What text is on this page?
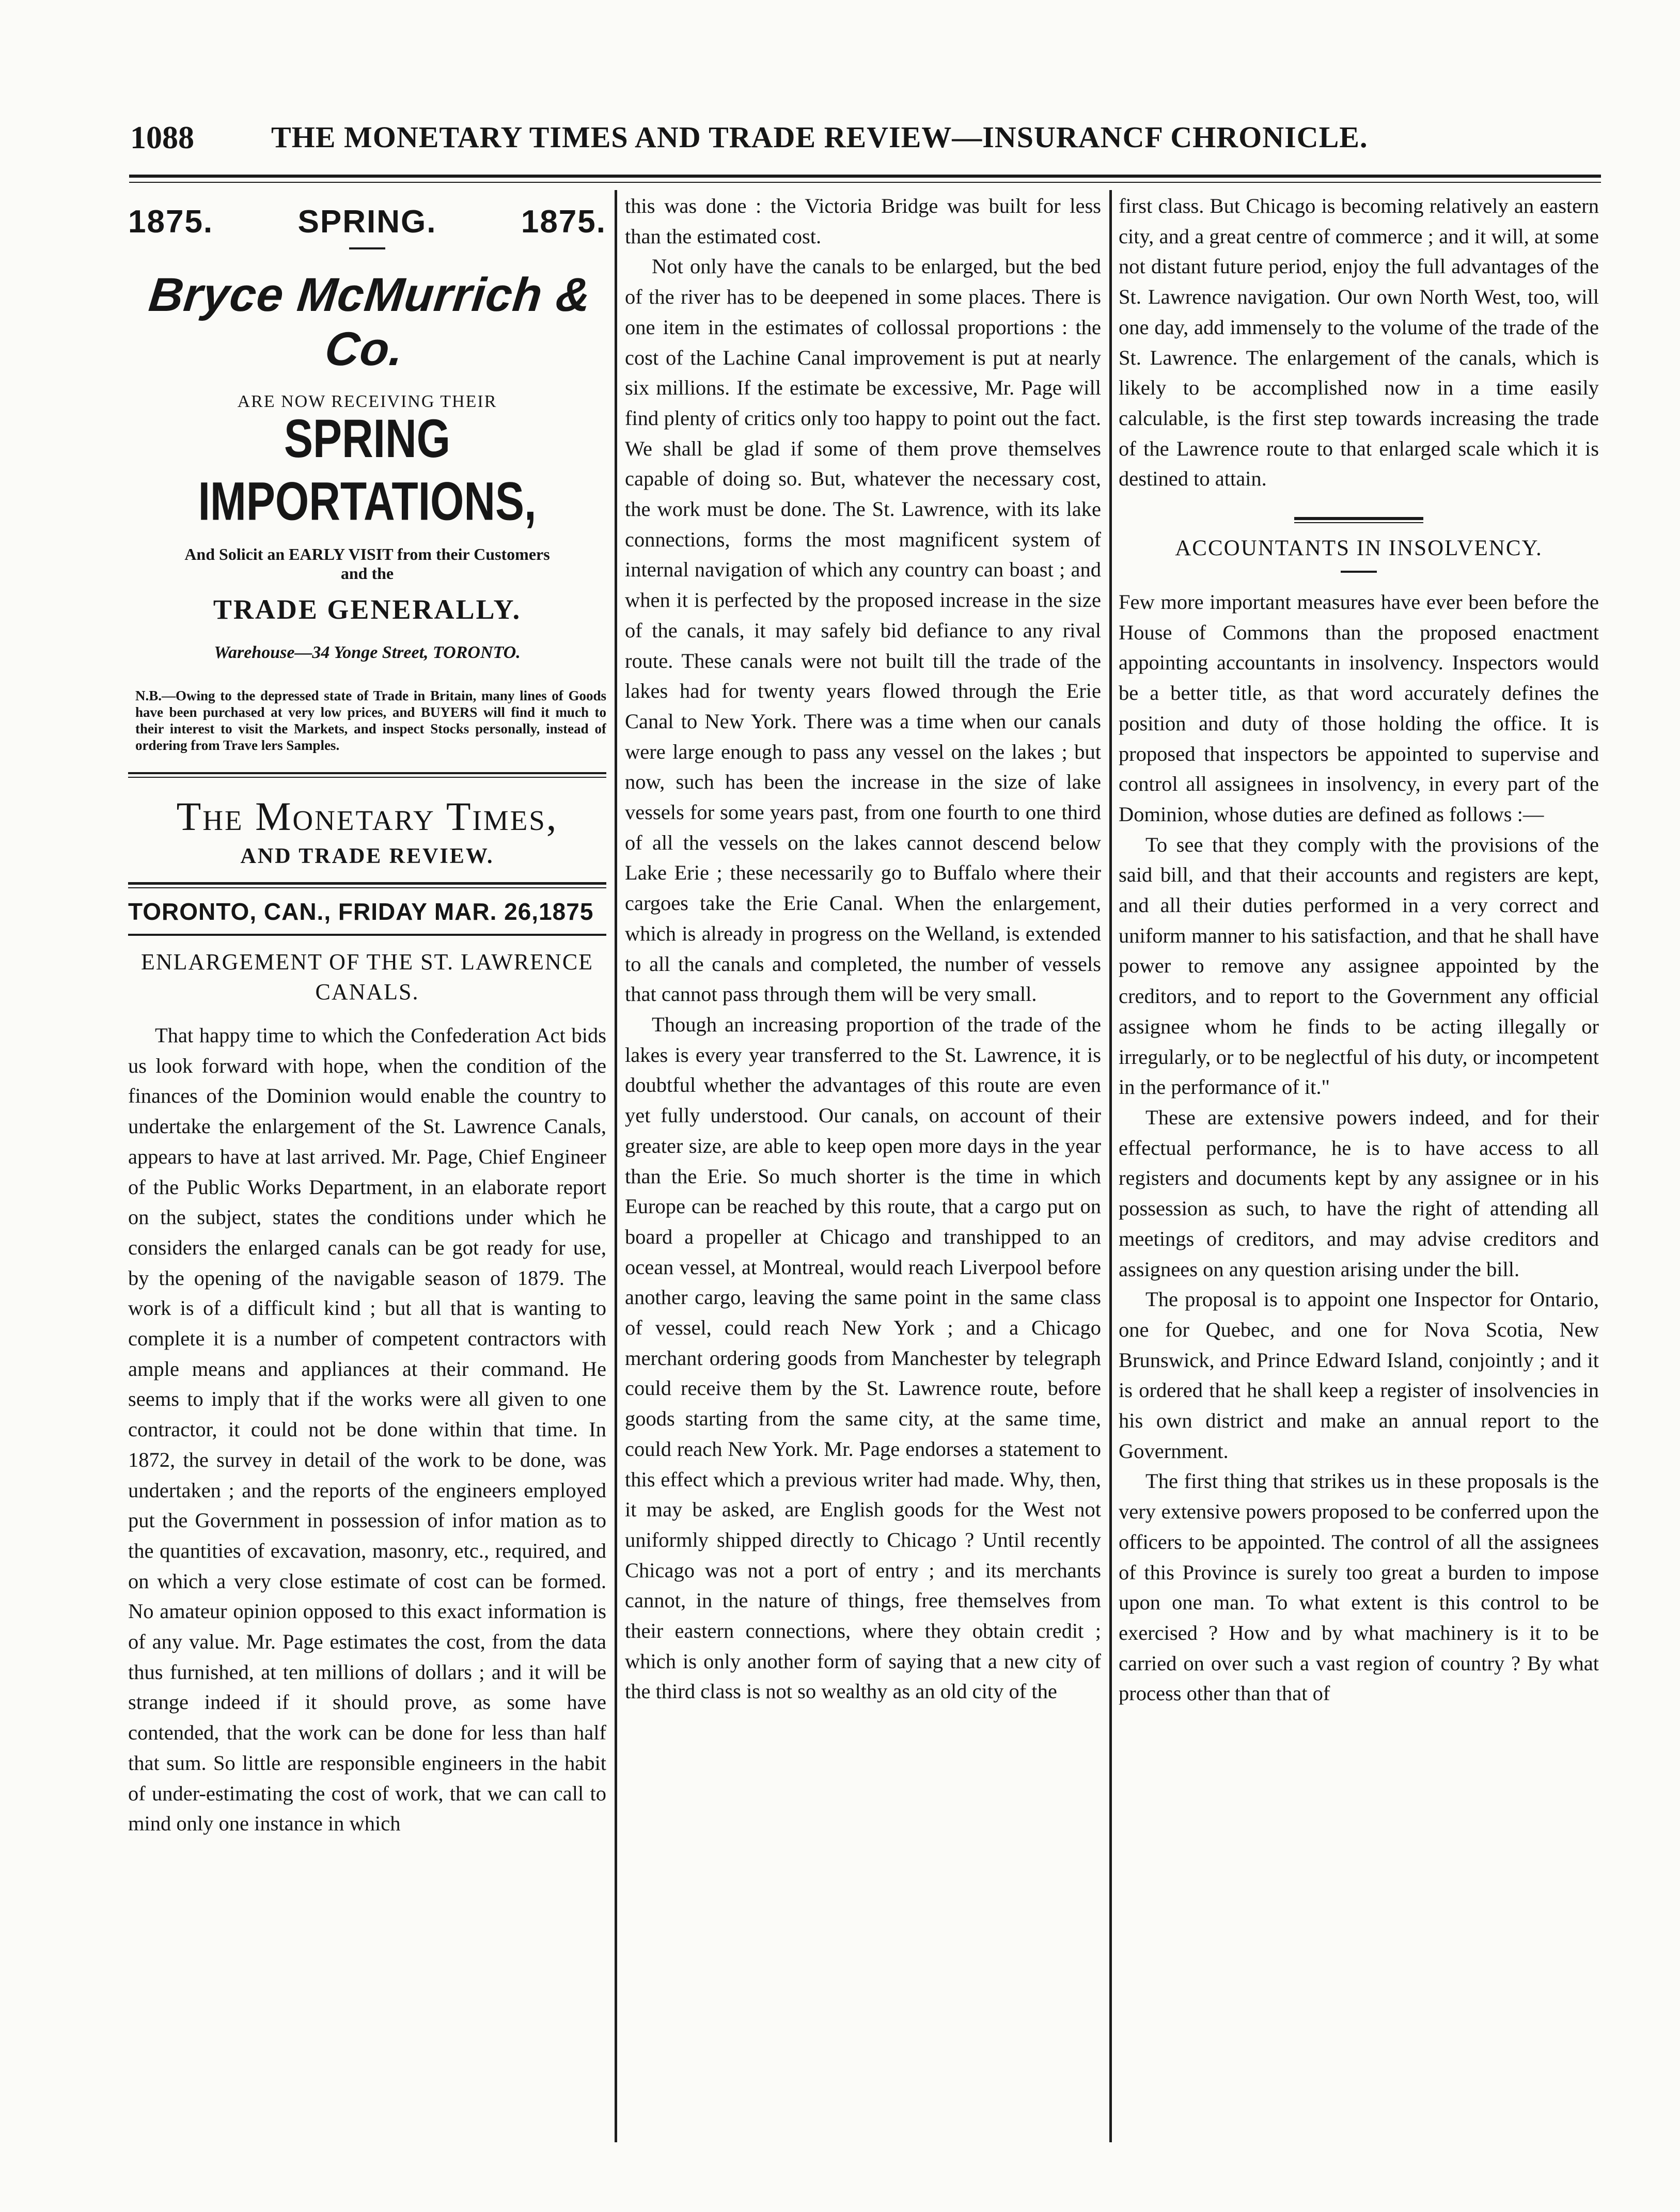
1088	THE MONETARY TIMES AND TRADE REVIEW—INSURANCF CHRONICLE.
1875.	SPRING.	1875.
Bryce McMurrich & Co.
ARE NOW RECEIVING THEIR
SPRING IMPORTATIONS,
And Solicit an EARLY VISIT from their Customers
and the
TRADE GENERALLY.
Warehouse—34 Yonge Street, TORONTO.
N.B.—Owing to the depressed state of Trade in Britain, many lines of Goods have been purchased at very low prices, and BUYERS will find it much to their interest to visit the Markets, and inspect Stocks personally, instead of ordering from Trave lers Samples.
The Monetary Times,
AND TRADE REVIEW.
TORONTO, CAN., FRIDAY MAR. 26,1875
ENLARGEMENT OF THE ST. LAWRENCE CANALS.

That happy time to which the Confederation Act bids us look forward with hope, when the condition of the finances of the Dominion would enable the country to undertake the enlargement of the St. Lawrence Canals, appears to have at last arrived. Mr. Page, Chief Engineer of the Public Works Department, in an elaborate report on the subject, states the conditions under which he considers the enlarged canals can be got ready for use, by the opening of the navigable season of 1879. The work is of a difficult kind ; but all that is wanting to complete it is a number of competent contractors with ample means and appliances at their command. He seems to imply that if the works were all given to one contractor, it could not be done within that time. In 1872, the survey in detail of the work to be done, was undertaken ; and the reports of the engineers employed put the Government in possession of infor mation as to the quantities of excavation, masonry, etc., required, and on which a very close estimate of cost can be formed. No amateur opinion opposed to this exact information is of any value. Mr. Page estimates the cost, from the data thus furnished, at ten millions of dollars ; and it will be strange indeed if it should prove, as some have contended, that the work can be done for less than half that sum. So little are responsible engineers in the habit of under-estimating the cost of work, that we can call to mind only one instance in which

this was done : the Victoria Bridge was built for less than the estimated cost.

Not only have the canals to be enlarged, but the bed of the river has to be deepened in some places. There is one item in the estimates of collossal proportions : the cost of the Lachine Canal improvement is put at nearly six millions. If the estimate be excessive, Mr. Page will find plenty of critics only too happy to point out the fact. We shall be glad if some of them prove themselves capable of doing so. But, whatever the necessary cost, the work must be done. The St. Lawrence, with its lake connections, forms the most magnificent system of internal navigation of which any country can boast ; and when it is perfected by the proposed increase in the size of the canals, it may safely bid defiance to any rival route. These canals were not built till the trade of the lakes had for twenty years flowed through the Erie Canal to New York. There was a time when our canals were large enough to pass any vessel on the lakes ; but now, such has been the increase in the size of lake vessels for some years past, from one fourth to one third of all the vessels on the lakes cannot descend below Lake Erie ; these necessarily go to Buffalo where their cargoes take the Erie Canal. When the enlargement, which is already in progress on the Welland, is extended to all the canals and completed, the number of vessels that cannot pass through them will be very small.

Though an increasing proportion of the trade of the lakes is every year transferred to the St. Lawrence, it is doubtful whether the advantages of this route are even yet fully understood. Our canals, on account of their greater size, are able to keep open more days in the year than the Erie. So much shorter is the time in which Europe can be reached by this route, that a cargo put on board a propeller at Chicago and transhipped to an ocean vessel, at Montreal, would reach Liverpool before another cargo, leaving the same point in the same class of vessel, could reach New York ; and a Chicago merchant ordering goods from Manchester by telegraph could receive them by the St. Lawrence route, before goods starting from the same city, at the same time, could reach New York. Mr. Page endorses a statement to this effect which a previous writer had made. Why, then, it may be asked, are English goods for the West not uniformly shipped directly to Chicago ? Until recently Chicago was not a port of entry ; and its merchants cannot, in the nature of things, free themselves from their eastern connections, where they obtain credit ; which is only another form of saying that a new city of the third class is not so wealthy as an old city of the

first class. But Chicago is becoming relatively an eastern city, and a great centre of commerce ; and it will, at some not distant future period, enjoy the full advantages of the St. Lawrence navigation. Our own North West, too, will one day, add immensely to the volume of the trade of the St. Lawrence. The enlargement of the canals, which is likely to be accomplished now in a time easily calculable, is the first step towards increasing the trade of the Lawrence route to that enlarged scale which it is destined to attain.

ACCOUNTANTS IN INSOLVENCY.

Few more important measures have ever been before the House of Commons than the proposed enactment appointing accountants in insolvency. Inspectors would be a better title, as that word accurately defines the position and duty of those holding the office. It is proposed that inspectors be appointed to supervise and control all assignees in insolvency, in every part of the Dominion, whose duties are defined as follows :—

To see that they comply with the provisions of the said bill, and that their accounts and registers are kept, and all their duties performed in a very correct and uniform manner to his satisfaction, and that he shall have power to remove any assignee appointed by the creditors, and to report to the Government any official assignee whom he finds to be acting illegally or irregularly, or to be neglectful of his duty, or incompetent in the performance of it."

These are extensive powers indeed, and for their effectual performance, he is to have access to all registers and documents kept by any assignee or in his possession as such, to have the right of attending all meetings of creditors, and may advise creditors and assignees on any question arising under the bill.

The proposal is to appoint one Inspector for Ontario, one for Quebec, and one for Nova Scotia, New Brunswick, and Prince Edward Island, conjointly ; and it is ordered that he shall keep a register of insolvencies in his own district and make an annual report to the Government.

The first thing that strikes us in these proposals is the very extensive powers proposed to be conferred upon the officers to be appointed. The control of all the assignees of this Province is surely too great a burden to impose upon one man. To what extent is this control to be exercised ? How and by what machinery is it to be carried on over such a vast region of country ? By what process other than that of
